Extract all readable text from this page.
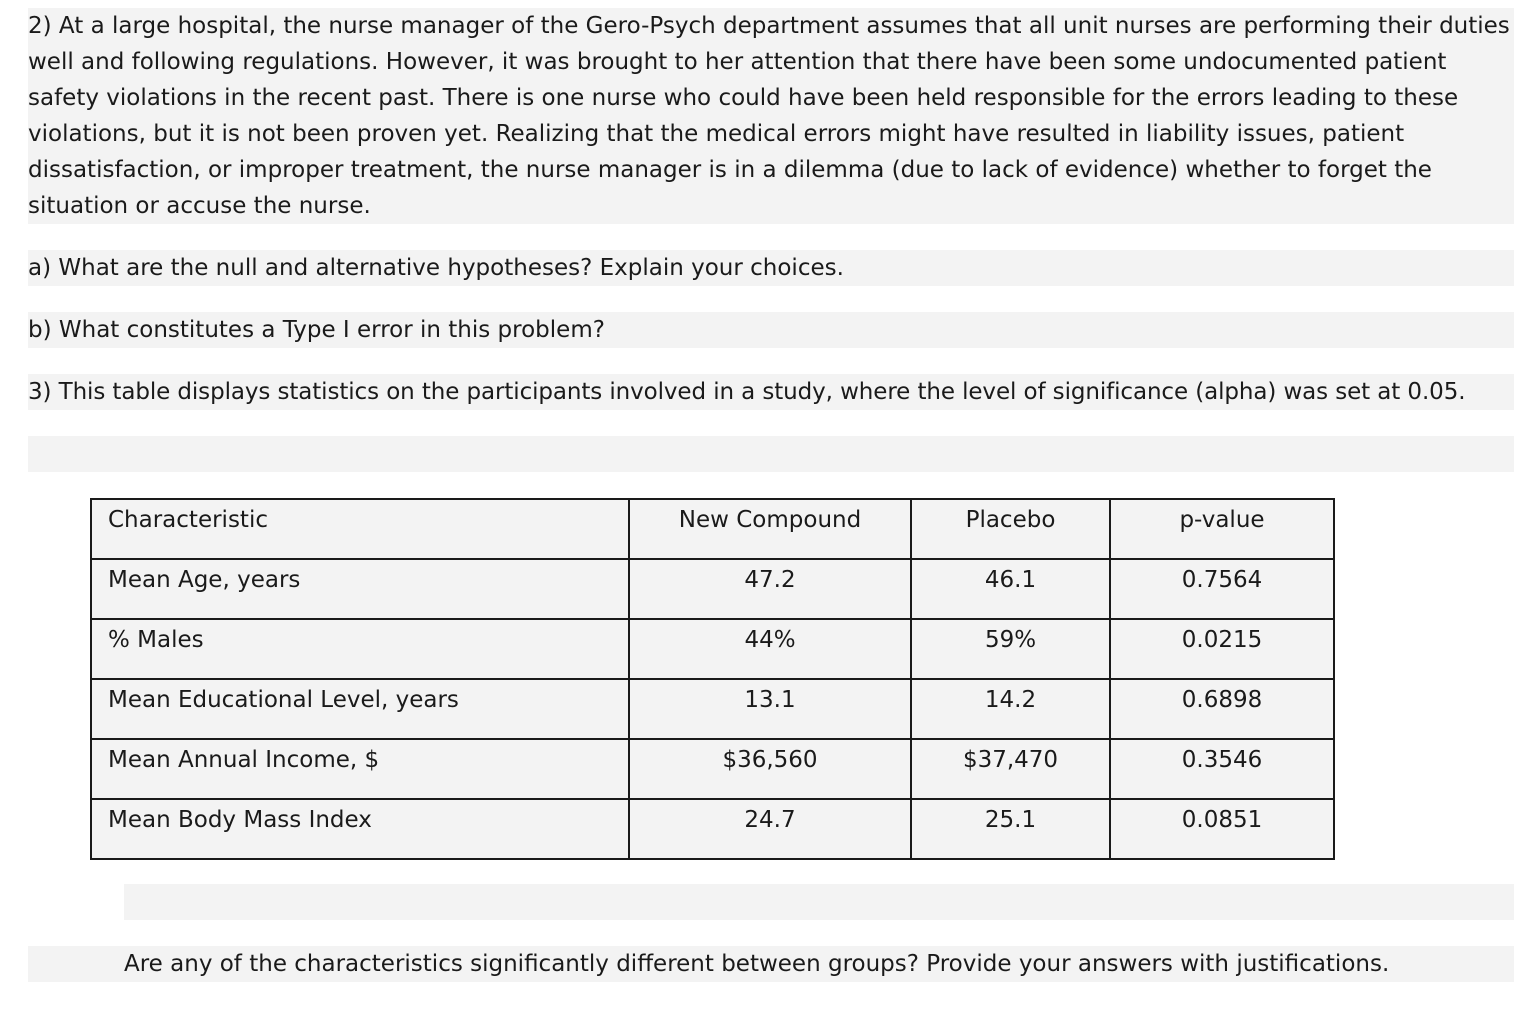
2) At a large hospital, the nurse manager of the Gero-Psych department assumes that all unit nurses are performing their duties well and following regulations. However, it was brought to her attention that there have been some undocumented patient safety violations in the recent past. There is one nurse who could have been held responsible for the errors leading to these violations, but it is not been proven yet. Realizing that the medical errors might have resulted in liability issues, patient dissatisfaction, or improper treatment, the nurse manager is in a dilemma (due to lack of evidence) whether to forget the situation or accuse the nurse.
a) What are the null and alternative hypotheses? Explain your choices.
b) What constitutes a Type I error in this problem?
3) This table displays statistics on the participants involved in a study, where the level of significance (alpha) was set at 0.05.
Characteristic	New Compound	Placebo	p-value
Mean Age, years	47.2	46.1	0.7564
% Males	44%	59%	0.0215
Mean Educational Level, years	13.1	14.2	0.6898
Mean Annual Income, $	$36,560	$37,470	0.3546
Mean Body Mass Index	24.7	25.1	0.0851
Are any of the characteristics significantly different between groups? Provide your answers with justifications.
